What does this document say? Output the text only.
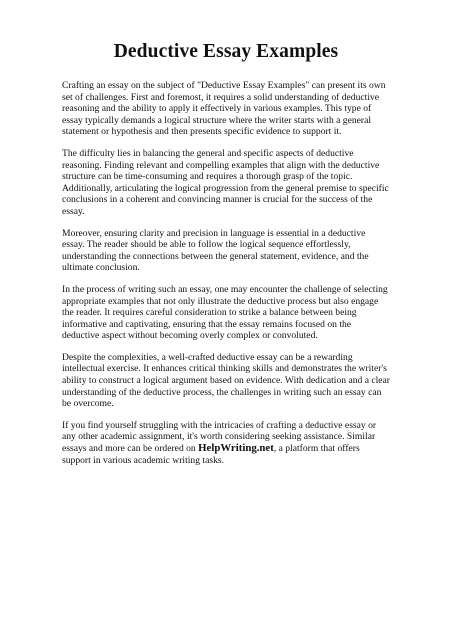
Deductive Essay Examples

Crafting an essay on the subject of "Deductive Essay Examples" can present its own set of challenges. First and foremost, it requires a solid understanding of deductive reasoning and the ability to apply it effectively in various examples. This type of essay typically demands a logical structure where the writer starts with a general statement or hypothesis and then presents specific evidence to support it.

The difficulty lies in balancing the general and specific aspects of deductive reasoning. Finding relevant and compelling examples that align with the deductive structure can be time-consuming and requires a thorough grasp of the topic. Additionally, articulating the logical progression from the general premise to specific conclusions in a coherent and convincing manner is crucial for the success of the essay.

Moreover, ensuring clarity and precision in language is essential in a deductive essay. The reader should be able to follow the logical sequence effortlessly, understanding the connections between the general statement, evidence, and the ultimate conclusion.

In the process of writing such an essay, one may encounter the challenge of selecting appropriate examples that not only illustrate the deductive process but also engage the reader. It requires careful consideration to strike a balance between being informative and captivating, ensuring that the essay remains focused on the deductive aspect without becoming overly complex or convoluted.

Despite the complexities, a well-crafted deductive essay can be a rewarding intellectual exercise. It enhances critical thinking skills and demonstrates the writer's ability to construct a logical argument based on evidence. With dedication and a clear understanding of the deductive process, the challenges in writing such an essay can be overcome.

If you find yourself struggling with the intricacies of crafting a deductive essay or any other academic assignment, it's worth considering seeking assistance. Similar essays and more can be ordered on HelpWriting.net, a platform that offers support in various academic writing tasks.
